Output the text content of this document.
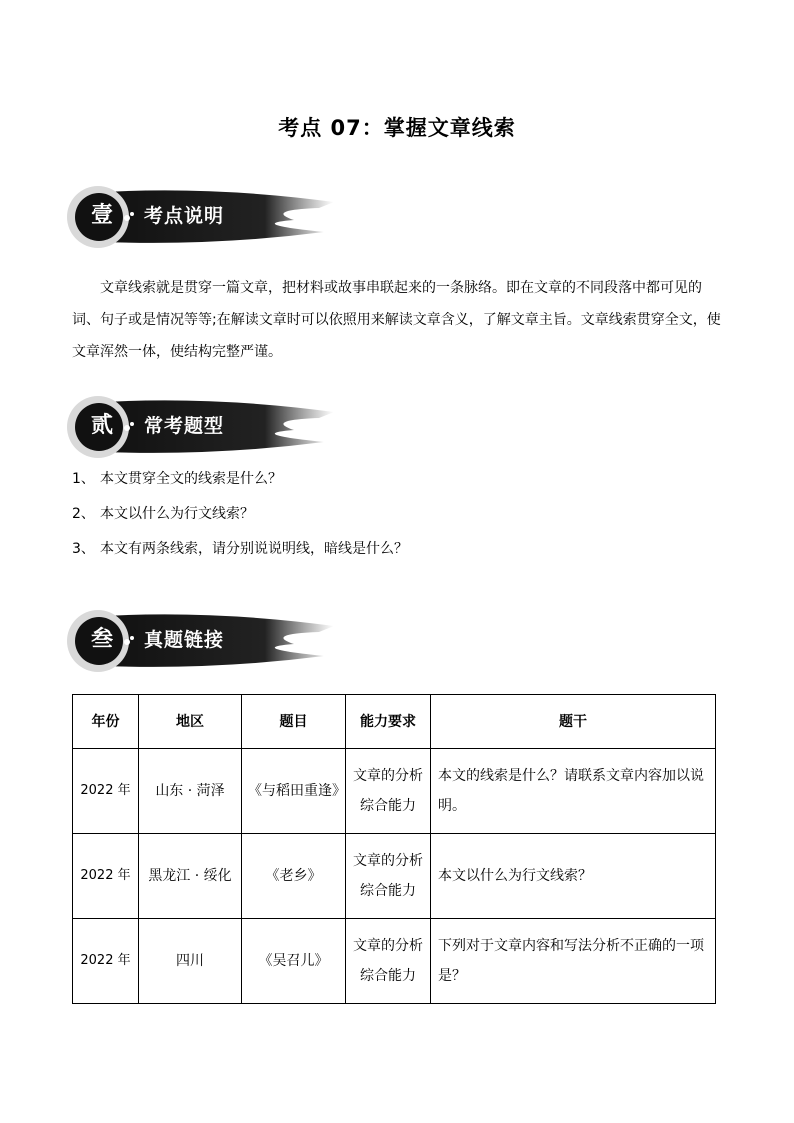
考点 07：掌握文章线索
壹	考点说明
文章线索就是贯穿一篇文章，把材料或故事串联起来的一条脉络。即在文章的不同段落中都可见的词、句子或是情况等等;在解读文章时可以依照用来解读文章含义，了解文章主旨。文章线索贯穿全文，使文章浑然一体，使结构完整严谨。
贰	常考题型
1、 本文贯穿全文的线索是什么？
2、 本文以什么为行文线索？
3、 本文有两条线索，请分别说说明线，暗线是什么？
叁	真题链接
年份	地区	题目	能力要求	题干
2022 年	山东 · 菏泽	《与稻田重逢》	文章的分析综合能力	本文的线索是什么？请联系文章内容加以说明。
2022 年	黑龙江 · 绥化	《老乡》	文章的分析综合能力	本文以什么为行文线索？
2022 年	四川	《吴召儿》	文章的分析综合能力	下列对于文章内容和写法分析不正确的一项是？
